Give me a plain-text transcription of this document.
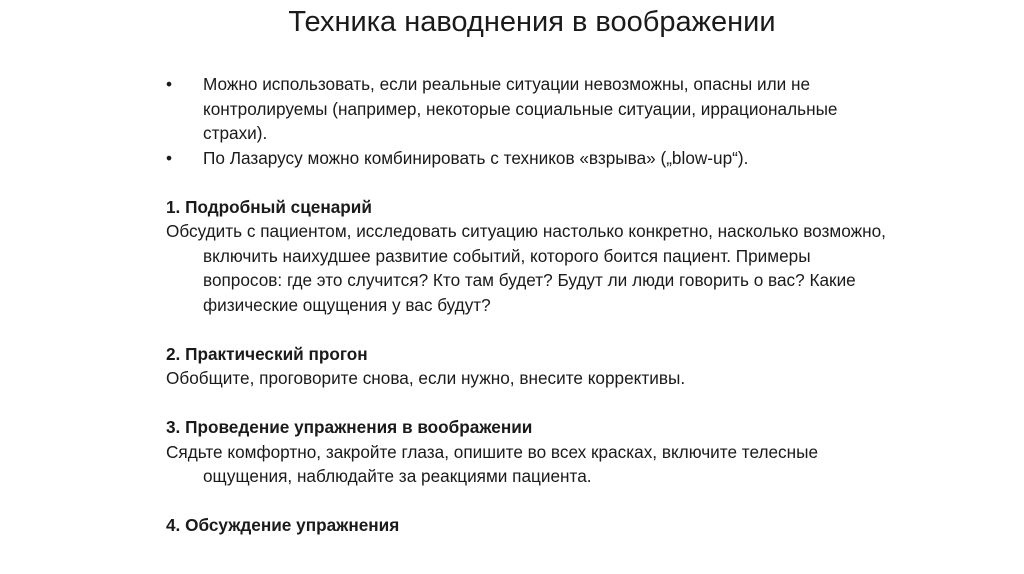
Техника наводнения в воображении
• Можно использовать, если реальные ситуации невозможны, опасны или не контролируемы (например, некоторые социальные ситуации, иррациональные страхи).
• По Лазарусу можно комбинировать с техников «взрыва» („blow-up“).
1. Подробный сценарий
Обсудить с пациентом, исследовать ситуацию настолько конкретно, насколько возможно, включить наихудшее развитие событий, которого боится пациент. Примеры вопросов: где это случится? Кто там будет? Будут ли люди говорить о вас? Какие физические ощущения у вас будут?
2. Практический прогон
Обобщите, проговорите снова, если нужно, внесите коррективы.
3. Проведение упражнения в воображении
Сядьте комфортно, закройте глаза, опишите во всех красках, включите телесные ощущения, наблюдайте за реакциями пациента.
4. Обсуждение упражнения
